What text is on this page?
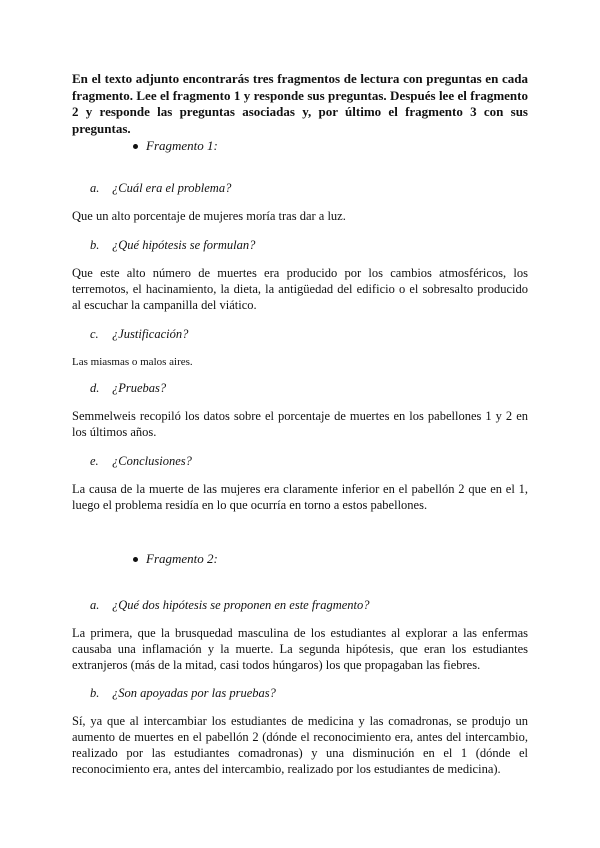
En el texto adjunto encontrarás tres fragmentos de lectura con preguntas en cada fragmento. Lee el fragmento 1 y responde sus preguntas. Después lee el fragmento 2 y responde las preguntas asociadas y, por último el fragmento 3 con sus preguntas.
Fragmento 1:
a. ¿Cuál era el problema?
Que un alto porcentaje de mujeres moría tras dar a luz.
b. ¿Qué hipótesis se formulan?
Que este alto número de muertes era producido por los cambios atmosféricos, los terremotos, el hacinamiento, la dieta, la antigüedad del edificio o el sobresalto producido al escuchar la campanilla del viático.
c. ¿Justificación?
Las miasmas o malos aires.
d. ¿Pruebas?
Semmelweis recopiló los datos sobre el porcentaje de muertes en los pabellones 1 y 2 en los últimos años.
e. ¿Conclusiones?
La causa de la muerte de las mujeres era claramente inferior en el pabellón 2 que en el 1, luego el problema residía en lo que ocurría en torno a estos pabellones.
Fragmento 2:
a. ¿Qué dos hipótesis se proponen en este fragmento?
La primera, que la brusquedad masculina de los estudiantes al explorar a las enfermas causaba una inflamación y la muerte. La segunda hipótesis, que eran los estudiantes extranjeros (más de la mitad, casi todos húngaros) los que propagaban las fiebres.
b. ¿Son apoyadas por las pruebas?
Sí, ya que al intercambiar los estudiantes de medicina y las comadronas, se produjo un aumento de muertes en el pabellón 2 (dónde el reconocimiento era, antes del intercambio, realizado por las estudiantes comadronas) y una disminución en el 1 (dónde el reconocimiento era, antes del intercambio, realizado por los estudiantes de medicina).
